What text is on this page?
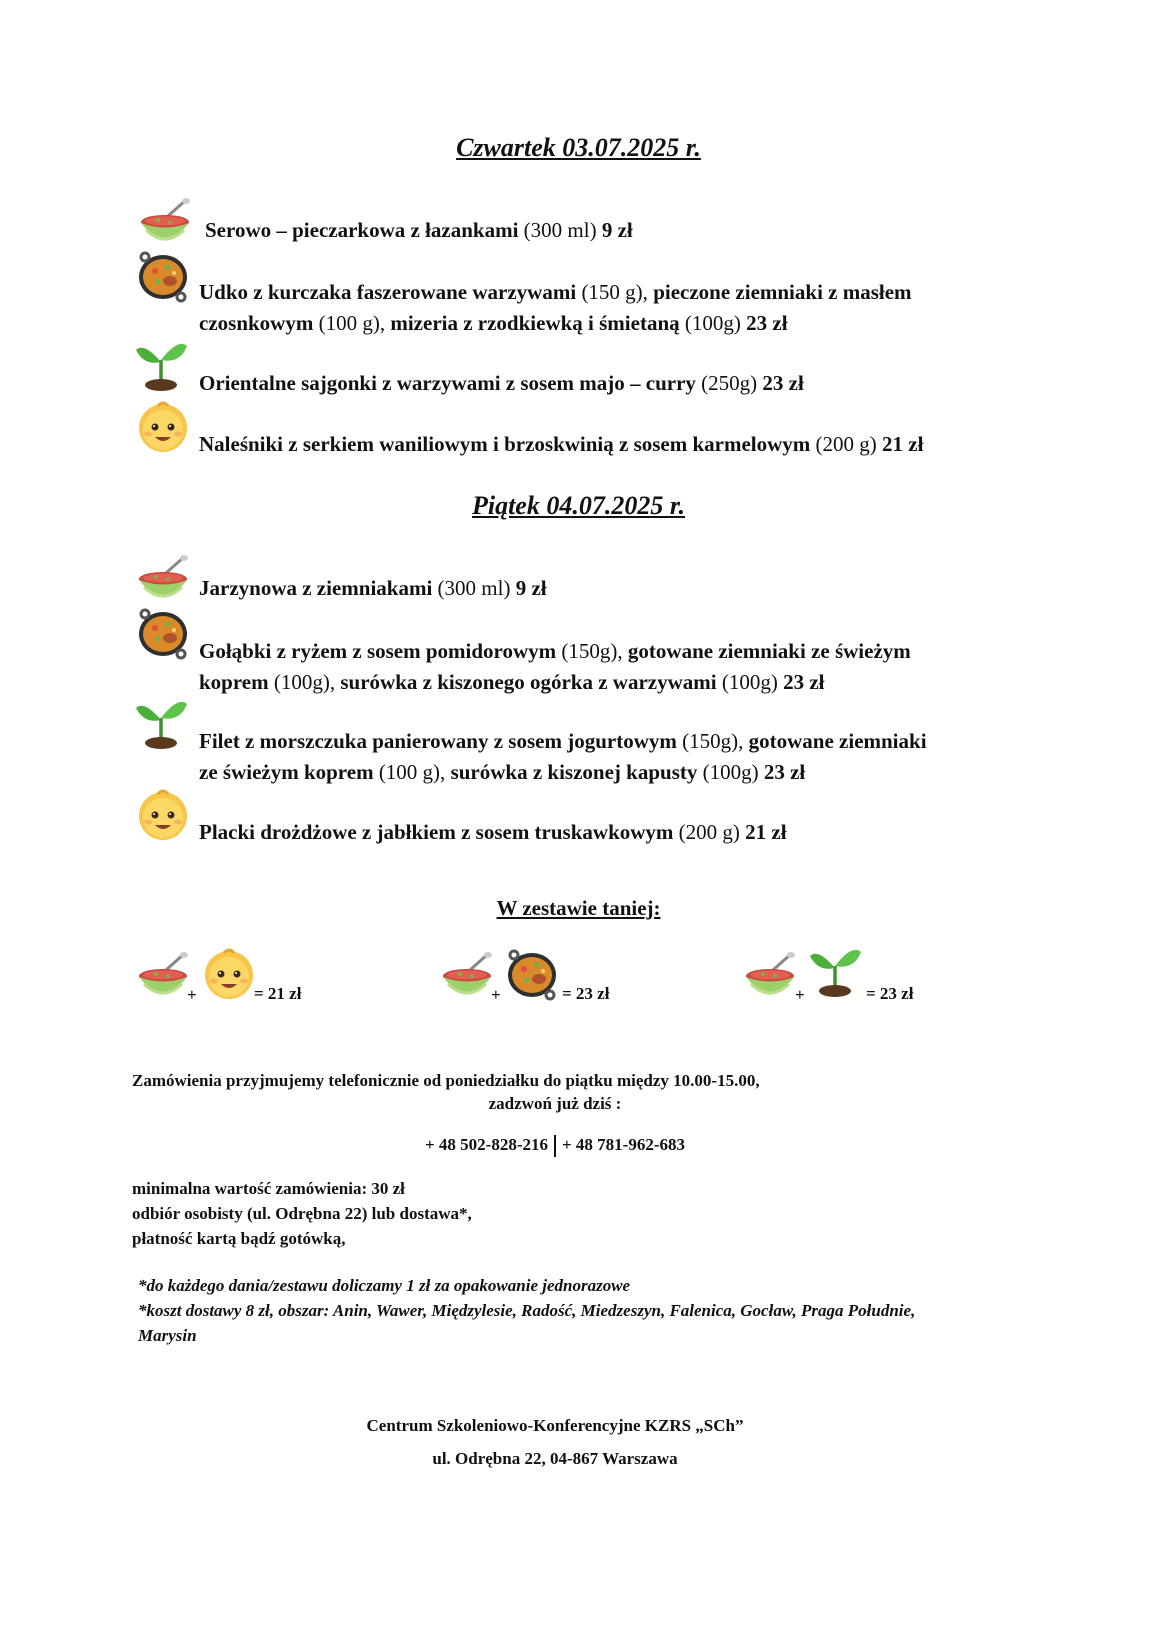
Czwartek 03.07.2025 r.
Serowo – pieczarkowa z łazankami (300 ml) 9 zł
Udko z kurczaka faszerowane warzywami (150 g), pieczone ziemniaki z masłem
czosnkowym (100 g), mizeria z rzodkiewką i śmietaną (100g) 23 zł
Orientalne sajgonki z warzywami z sosem majo – curry (250g) 23 zł
Naleśniki z serkiem waniliowym i brzoskwinią z sosem karmelowym (200 g) 21 zł
Piątek 04.07.2025 r.
Jarzynowa z ziemniakami (300 ml) 9 zł
Gołąbki z ryżem z sosem pomidorowym (150g), gotowane ziemniaki ze świeżym
koprem (100g), surówka z kiszonego ogórka z warzywami (100g) 23 zł
Filet z morszczuka panierowany z sosem jogurtowym (150g), gotowane ziemniaki
ze świeżym koprem (100 g), surówka z kiszonej kapusty (100g) 23 zł
Placki drożdżowe z jabłkiem z sosem truskawkowym (200 g) 21 zł
W zestawie taniej:
+	= 21 zł	+	= 23 zł	+	= 23 zł
Zamówienia przyjmujemy telefonicznie od poniedziałku do piątku między 10.00-15.00,
zadzwoń już dziś :
+ 48 502-828-216 + 48 781-962-683
minimalna wartość zamówienia: 30 zł
odbiór osobisty (ul. Odrębna 22) lub dostawa*,
płatność kartą bądź gotówką,
*do każdego dania/zestawu doliczamy 1 zł za opakowanie jednorazowe
*koszt dostawy 8 zł, obszar: Anin, Wawer, Międzylesie, Radość, Miedzeszyn, Falenica, Gocław, Praga Południe, Marysin
Centrum Szkoleniowo-Konferencyjne KZRS „SCh”
ul. Odrębna 22, 04-867 Warszawa
